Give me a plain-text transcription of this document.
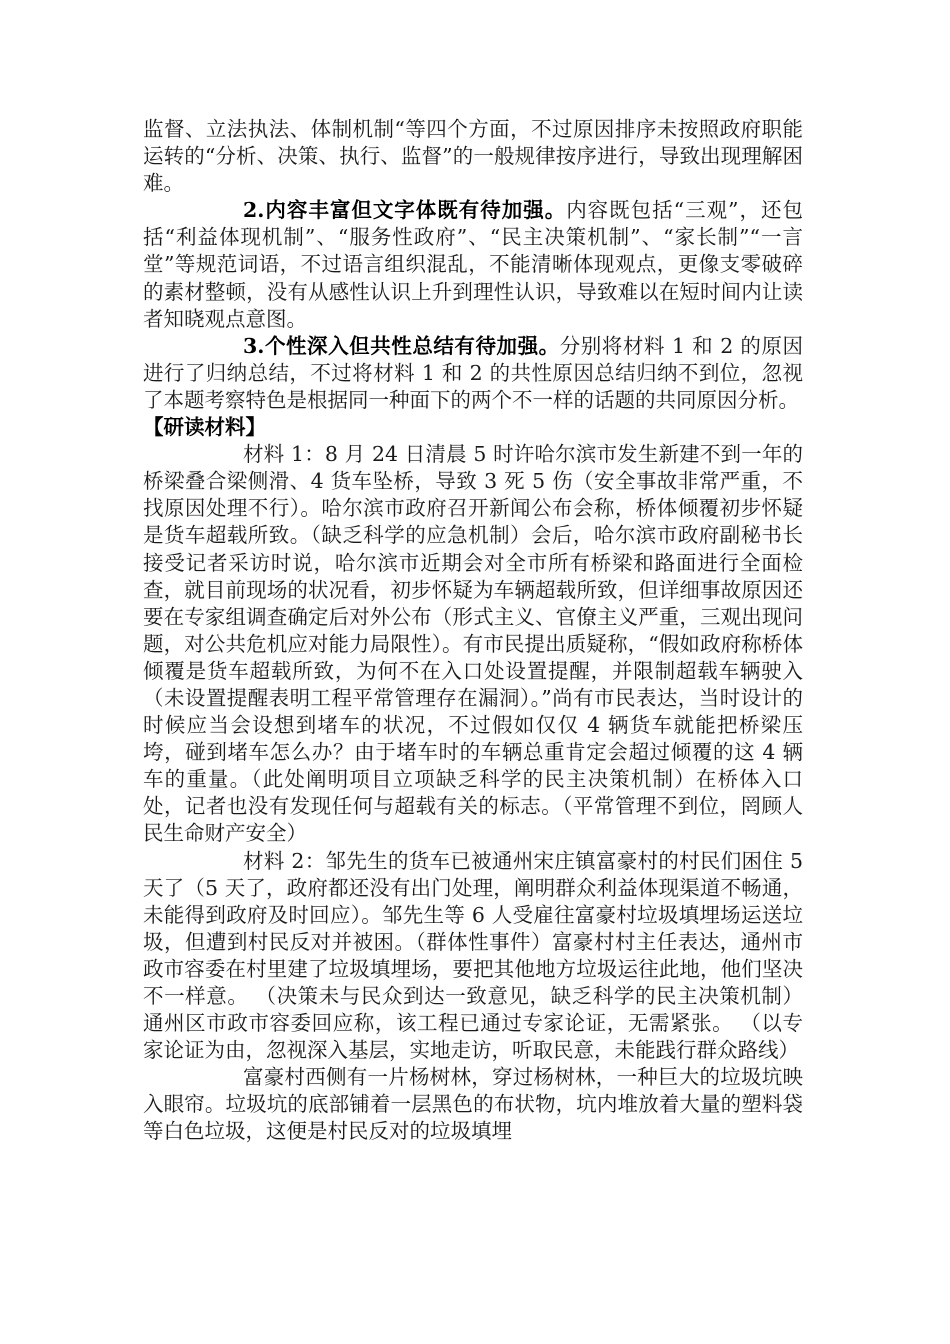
监督、立法执法、体制机制“等四个方面，不过原因排序未按照政府职能运转的“分析、决策、执行、监督”的一般规律按序进行，导致出现理解困难。

2.内容丰富但文字体既有待加强。内容既包括“三观”，还包括“利益体现机制”、“服务性政府”、“民主决策机制”、“家长制”“一言堂”等规范词语，不过语言组织混乱，不能清晰体现观点，更像支零破碎的素材整顿，没有从感性认识上升到理性认识，导致难以在短时间内让读者知晓观点意图。

3.个性深入但共性总结有待加强。分别将材料 1 和 2 的原因进行了归纳总结，不过将材料 1 和 2 的共性原因总结归纳不到位，忽视了本题考察特色是根据同一种面下的两个不一样的话题的共同原因分析。

【研读材料】

材料 1：8 月 24 日清晨 5 时许哈尔滨市发生新建不到一年的桥梁叠合梁侧滑、4 货车坠桥，导致 3 死 5 伤（安全事故非常严重，不找原因处理不行）。哈尔滨市政府召开新闻公布会称，桥体倾覆初步怀疑是货车超载所致。（缺乏科学的应急机制）会后，哈尔滨市政府副秘书长接受记者采访时说，哈尔滨市近期会对全市所有桥梁和路面进行全面检查，就目前现场的状况看，初步怀疑为车辆超载所致，但详细事故原因还要在专家组调查确定后对外公布（形式主义、官僚主义严重，三观出现问题，对公共危机应对能力局限性）。有市民提出质疑称，“假如政府称桥体倾覆是货车超载所致，为何不在入口处设置提醒，并限制超载车辆驶入（未设置提醒表明工程平常管理存在漏洞）。”尚有市民表达，当时设计的时候应当会设想到堵车的状况，不过假如仅仅 4 辆货车就能把桥梁压垮，碰到堵车怎么办？由于堵车时的车辆总重肯定会超过倾覆的这 4 辆车的重量。（此处阐明项目立项缺乏科学的民主决策机制）在桥体入口处，记者也没有发现任何与超载有关的标志。（平常管理不到位，罔顾人民生命财产安全）

材料 2：邹先生的货车已被通州宋庄镇富豪村的村民们困住 5 天了（5 天了，政府都还没有出门处理，阐明群众利益体现渠道不畅通，未能得到政府及时回应）。邹先生等 6 人受雇往富豪村垃圾填埋场运送垃圾，但遭到村民反对并被困。（群体性事件）富豪村村主任表达，通州市政市容委在村里建了垃圾填埋场，要把其他地方垃圾运往此地，他们坚决不一样意。 （决策未与民众到达一致意见，缺乏科学的民主决策机制）通州区市政市容委回应称，该工程已通过专家论证，无需紧张。 （以专家论证为由，忽视深入基层，实地走访，听取民意，未能践行群众路线）

富豪村西侧有一片杨树林，穿过杨树林，一种巨大的垃圾坑映入眼帘。垃圾坑的底部铺着一层黑色的布状物，坑内堆放着大量的塑料袋等白色垃圾，这便是村民反对的垃圾填埋
